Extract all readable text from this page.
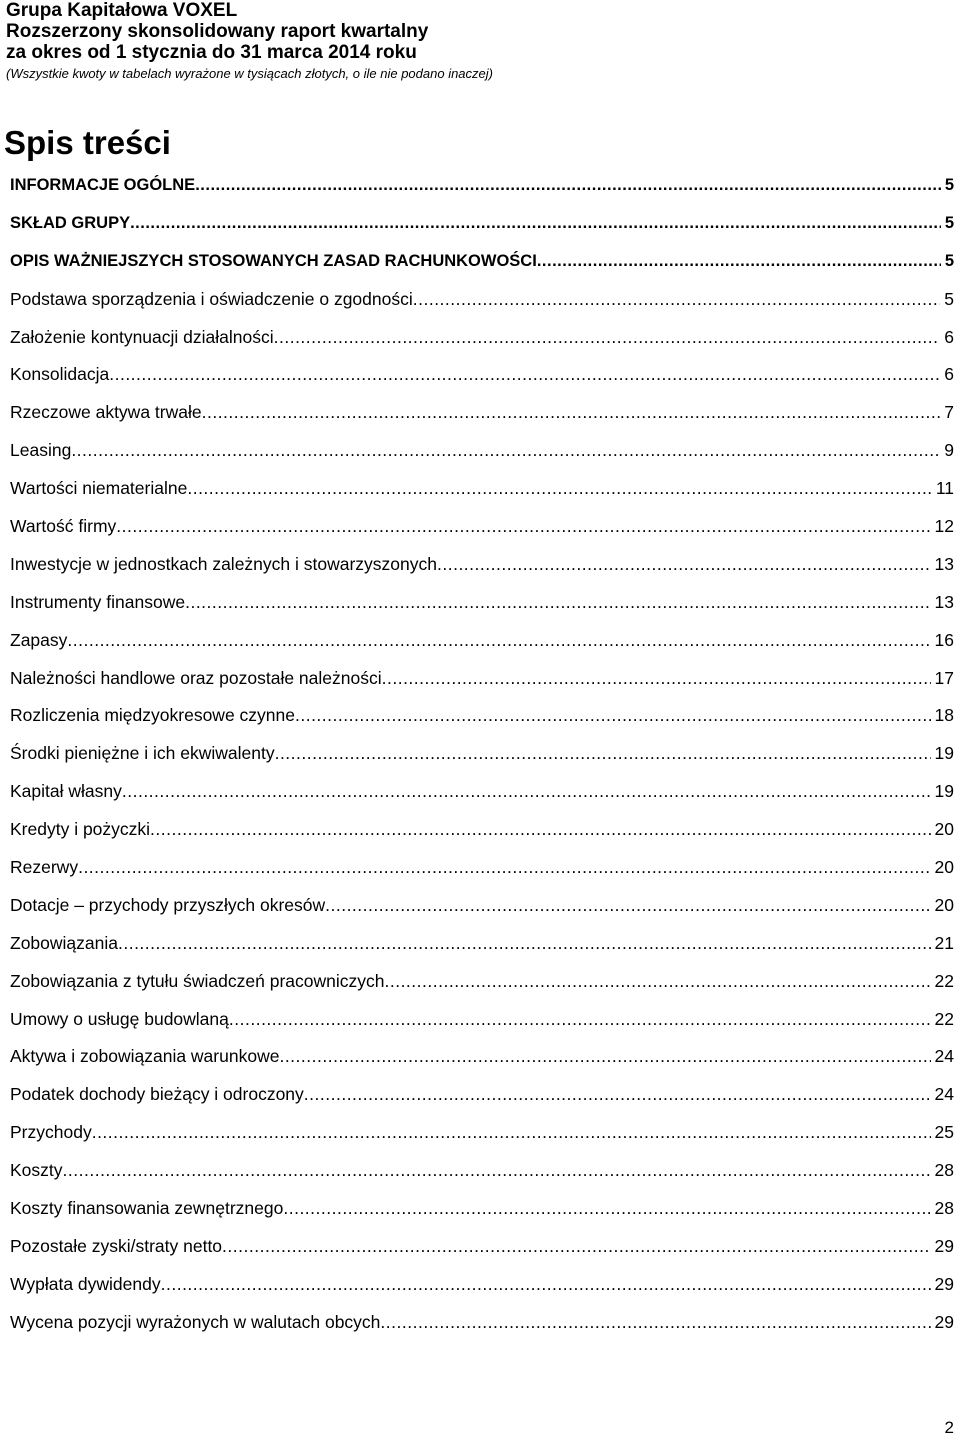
Grupa Kapitałowa VOXEL
Rozszerzony skonsolidowany raport kwartalny
za okres od 1 stycznia do 31 marca 2014 roku
(Wszystkie kwoty w tabelach wyrażone w tysiącach złotych, o ile nie podano inaczej)
Spis treści
INFORMACJE OGÓLNE .....	5
SKŁAD GRUPY .....	5
OPIS WAŻNIEJSZYCH STOSOWANYCH ZASAD RACHUNKOWOŚCI .....	5
Podstawa sporządzenia i oświadczenie o zgodności .....	5
Założenie kontynuacji działalności .....	6
Konsolidacja .....	6
Rzeczowe aktywa trwałe .....	7
Leasing .....	9
Wartości niematerialne .....	11
Wartość firmy .....	12
Inwestycje w jednostkach zależnych i stowarzyszonych .....	13
Instrumenty finansowe .....	13
Zapasy .....	16
Należności handlowe oraz pozostałe należności .....	17
Rozliczenia międzyokresowe czynne .....	18
Środki pieniężne i ich ekwiwalenty .....	19
Kapitał własny .....	19
Kredyty i pożyczki .....	20
Rezerwy .....	20
Dotacje – przychody przyszłych okresów .....	20
Zobowiązania .....	21
Zobowiązania z tytułu świadczeń pracowniczych .....	22
Umowy o usługę budowlaną .....	22
Aktywa i zobowiązania warunkowe .....	24
Podatek dochody bieżący i odroczony .....	24
Przychody .....	25
Koszty .....	28
Koszty finansowania zewnętrznego .....	28
Pozostałe zyski/straty netto .....	29
Wypłata dywidendy .....	29
Wycena pozycji wyrażonych w walutach obcych .....	29
2
